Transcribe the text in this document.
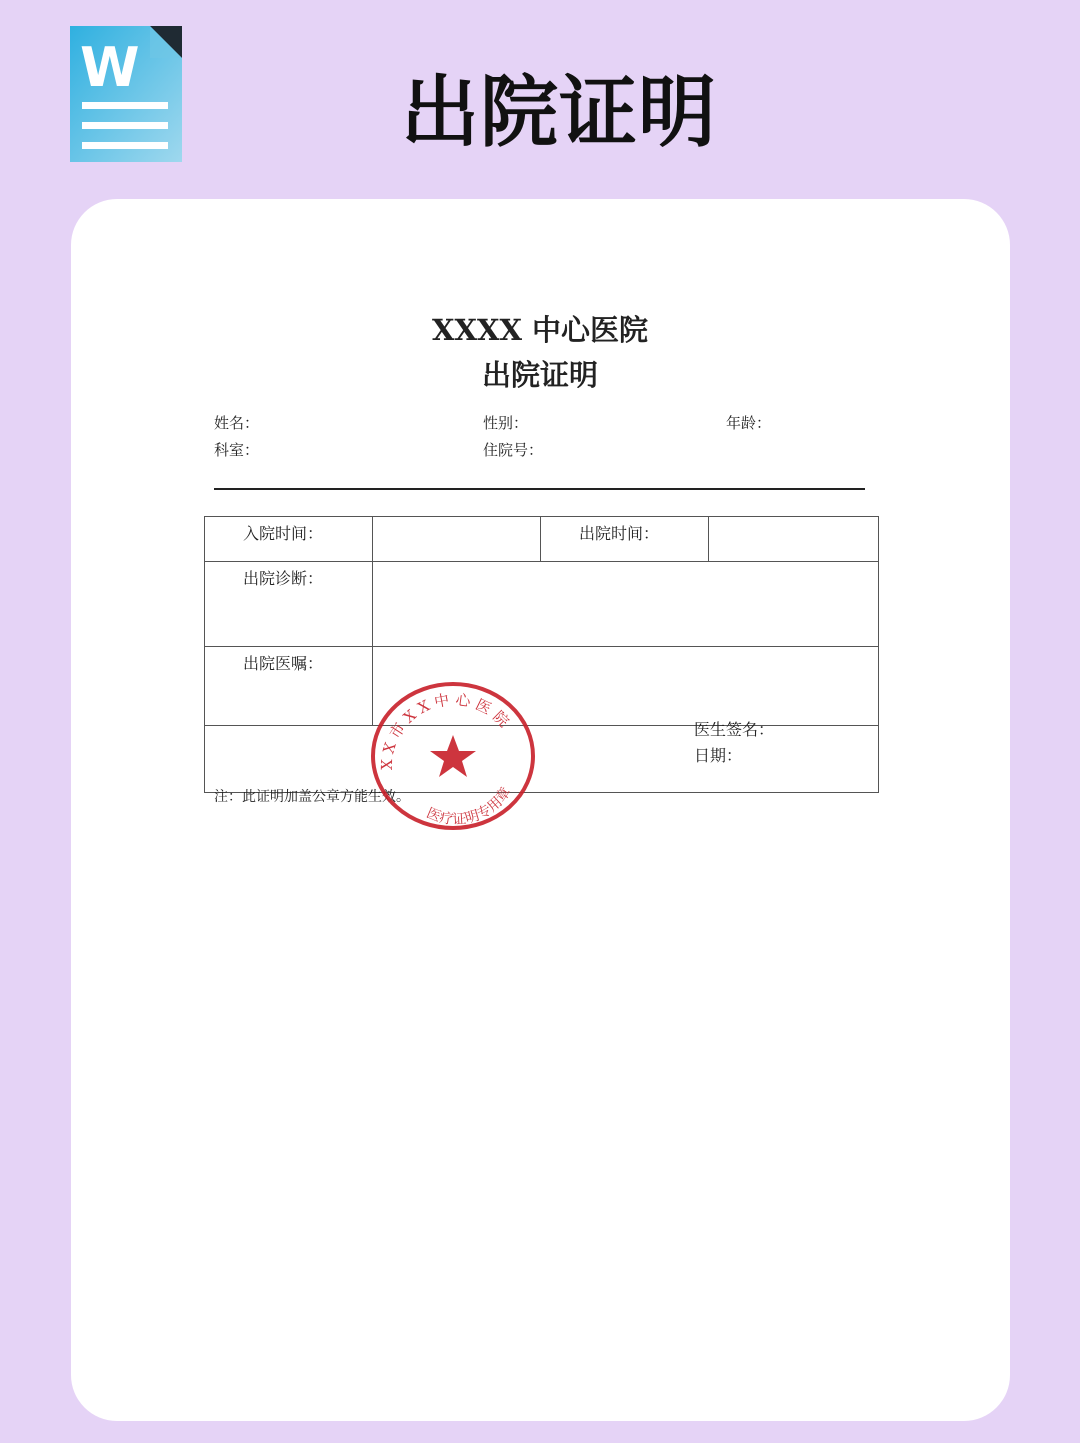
W
出院证明
XXXX 中心医院
出院证明
姓名：	性别：	年龄：
科室：	住院号：
入院时间：		出院时间：	
出院诊断：			
出院医嘱：			

医生签名：
日期：
注：此证明加盖公章方能生效。
X X 市 X X 中 心 医 院
医疗证明专用章
